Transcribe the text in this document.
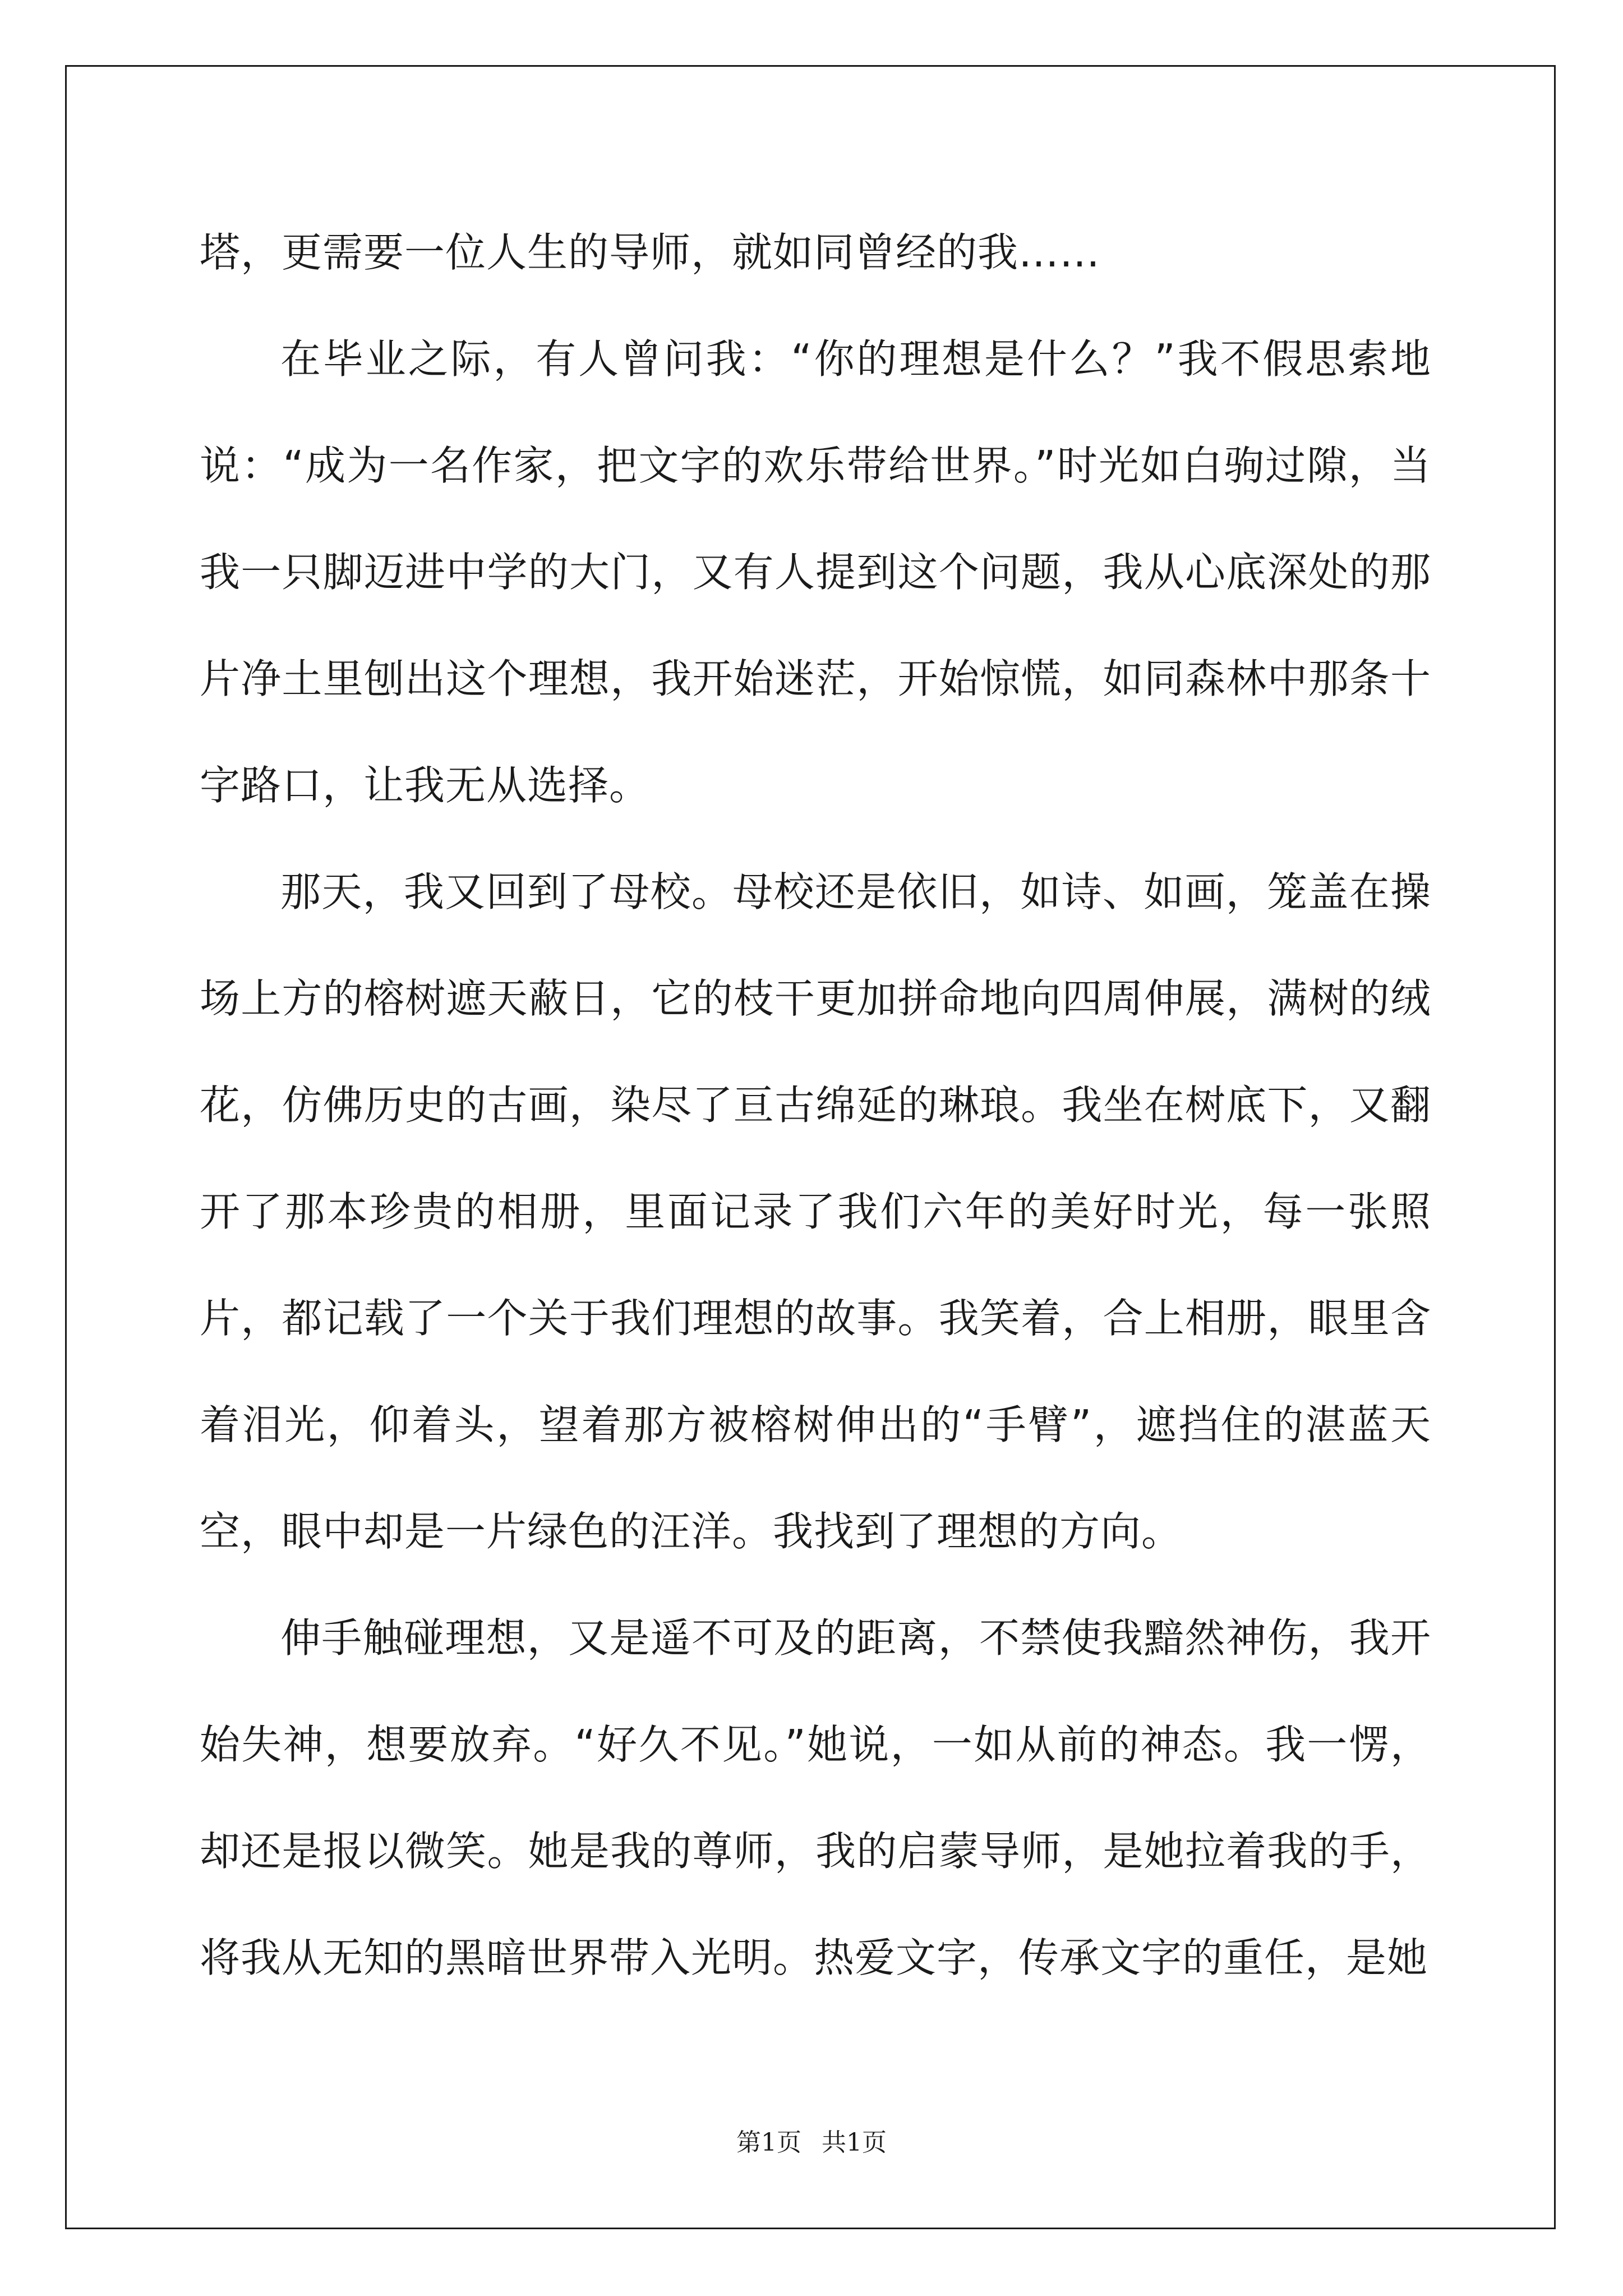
塔，更需要一位人生的导师，就如同曾经的我……

在毕业之际，有人曾问我：“你的理想是什么？”我不假思索地说：“成为一名作家，把文字的欢乐带给世界。”时光如白驹过隙，当我一只脚迈进中学的大门，又有人提到这个问题，我从心底深处的那片净土里刨出这个理想，我开始迷茫，开始惊慌，如同森林中那条十字路口，让我无从选择。

那天，我又回到了母校。母校还是依旧，如诗、如画，笼盖在操场上方的榕树遮天蔽日，它的枝干更加拼命地向四周伸展，满树的绒花，仿佛历史的古画，染尽了亘古绵延的琳琅。我坐在树底下，又翻开了那本珍贵的相册，里面记录了我们六年的美好时光，每一张照片，都记载了一个关于我们理想的故事。我笑着，合上相册，眼里含着泪光，仰着头，望着那方被榕树伸出的“手臂”，遮挡住的湛蓝天空，眼中却是一片绿色的汪洋。我找到了理想的方向。

伸手触碰理想，又是遥不可及的距离，不禁使我黯然神伤，我开始失神，想要放弃。“好久不见。”她说，一如从前的神态。我一愣，却还是报以微笑。她是我的尊师，我的启蒙导师，是她拉着我的手，将我从无知的黑暗世界带入光明。热爱文字，传承文字的重任，是她

第1页 共1页
